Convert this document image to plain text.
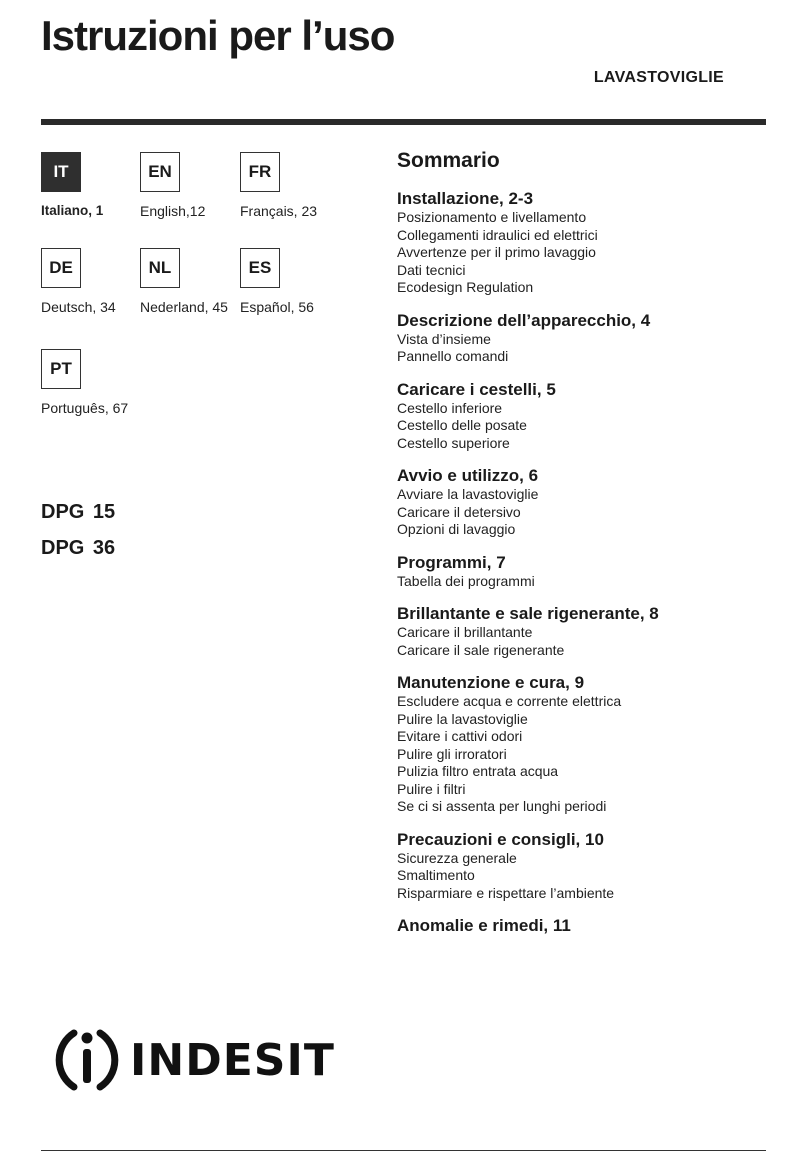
Istruzioni per l’uso
LAVASTOVIGLIE
IT
Italiano, 1
EN
English,12
FR
Français, 23
DE
Deutsch, 34
NL
Nederland, 45
ES
Español, 56
PT
Português, 67
DPG 15
DPG 36
Sommario
Installazione, 2-3
Posizionamento e livellamento
Collegamenti idraulici ed elettrici
Avvertenze per il primo lavaggio
Dati tecnici
Ecodesign Regulation
Descrizione dell’apparecchio, 4
Vista d’insieme
Pannello comandi
Caricare i cestelli, 5
Cestello inferiore
Cestello delle posate
Cestello superiore
Avvio e utilizzo, 6
Avviare la lavastoviglie
Caricare il detersivo
Opzioni di lavaggio
Programmi, 7
Tabella dei programmi
Brillantante e sale rigenerante, 8
Caricare il brillantante
Caricare il sale rigenerante
Manutenzione e cura, 9
Escludere acqua e corrente elettrica
Pulire la lavastoviglie
Evitare i cattivi odori
Pulire gli irroratori
Pulizia filtro entrata acqua
Pulire i filtri
Se ci si assenta per lunghi periodi
Precauzioni e consigli, 10
Sicurezza generale
Smaltimento
Risparmiare e rispettare l’ambiente
Anomalie e rimedi, 11
INDESIT
